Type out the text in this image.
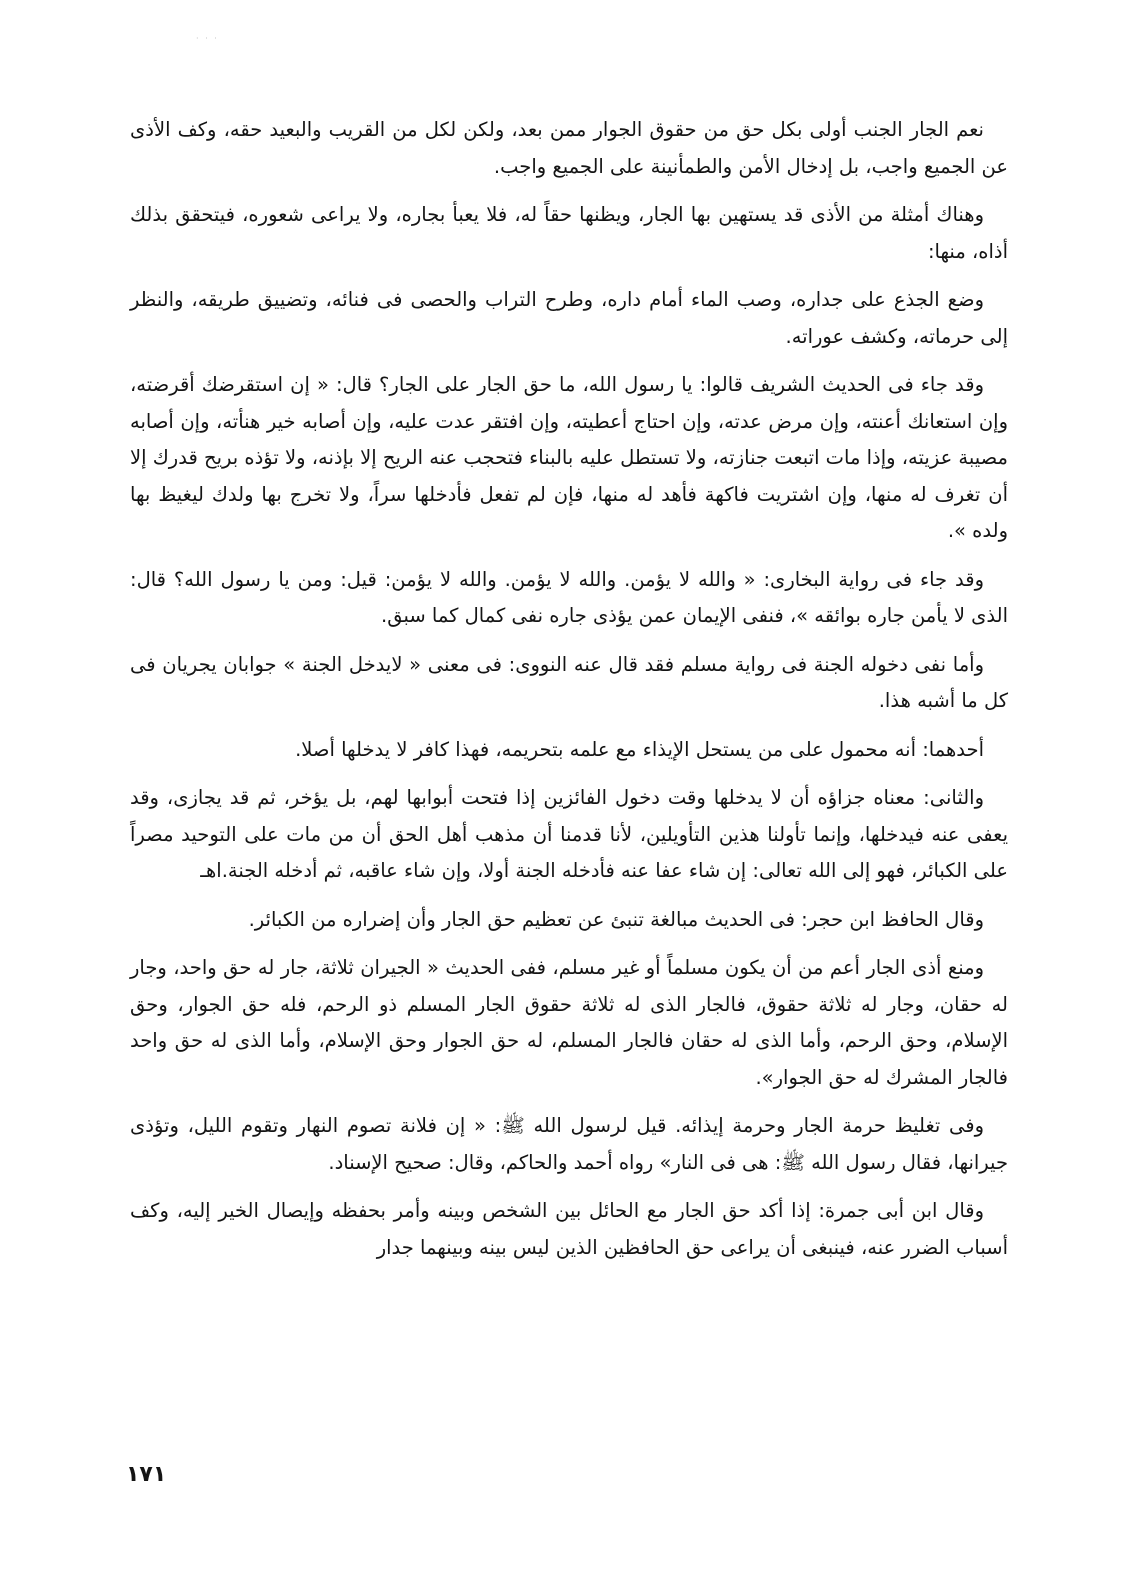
· · ·

نعم الجار الجنب أولى بكل حق من حقوق الجوار ممن بعد، ولكن لكل من القريب والبعيد حقه، وكف الأذى عن الجميع واجب، بل إدخال الأمن والطمأنينة على الجميع واجب.

وهناك أمثلة من الأذى قد يستهين بها الجار، ويظنها حقاً له، فلا يعبأ بجاره، ولا يراعى شعوره، فيتحقق بذلك أذاه، منها:

وضع الجذع على جداره، وصب الماء أمام داره، وطرح التراب والحصى فى فنائه، وتضييق طريقه، والنظر إلى حرماته، وكشف عوراته.

وقد جاء فى الحديث الشريف قالوا: يا رسول الله، ما حق الجار على الجار؟ قال: « إن استقرضك أقرضته، وإن استعانك أعنته، وإن مرض عدته، وإن احتاج أعطيته، وإن افتقر عدت عليه، وإن أصابه خير هنأته، وإن أصابه مصيبة عزيته، وإذا مات اتبعت جنازته، ولا تستطل عليه بالبناء فتحجب عنه الريح إلا بإذنه، ولا تؤذه بريح قدرك إلا أن تغرف له منها، وإن اشتريت فاكهة فأهد له منها، فإن لم تفعل فأدخلها سراً، ولا تخرج بها ولدك ليغيظ بها ولده ».

وقد جاء فى رواية البخارى: « والله لا يؤمن. والله لا يؤمن. والله لا يؤمن: قيل: ومن يا رسول الله؟ قال: الذى لا يأمن جاره بوائقه »، فنفى الإيمان عمن يؤذى جاره نفى كمال كما سبق.

وأما نفى دخوله الجنة فى رواية مسلم فقد قال عنه النووى: فى معنى « لايدخل الجنة » جوابان يجريان فى كل ما أشبه هذا.

أحدهما: أنه محمول على من يستحل الإيذاء مع علمه بتحريمه، فهذا كافر لا يدخلها أصلا.

والثانى: معناه جزاؤه أن لا يدخلها وقت دخول الفائزين إذا فتحت أبوابها لهم، بل يؤخر، ثم قد يجازى، وقد يعفى عنه فيدخلها، وإنما تأولنا هذين التأويلين، لأنا قدمنا أن مذهب أهل الحق أن من مات على التوحيد مصراً على الكبائر، فهو إلى الله تعالى: إن شاء عفا عنه فأدخله الجنة أولا، وإن شاء عاقبه، ثم أدخله الجنة.اهـ

وقال الحافظ ابن حجر: فى الحديث مبالغة تنبئ عن تعظيم حق الجار وأن إضراره من الكبائر.

ومنع أذى الجار أعم من أن يكون مسلماً أو غير مسلم، ففى الحديث « الجيران ثلاثة، جار له حق واحد، وجار له حقان، وجار له ثلاثة حقوق، فالجار الذى له ثلاثة حقوق الجار المسلم ذو الرحم، فله حق الجوار، وحق الإسلام، وحق الرحم، وأما الذى له حقان فالجار المسلم، له حق الجوار وحق الإسلام، وأما الذى له حق واحد فالجار المشرك له حق الجوار».

وفى تغليظ حرمة الجار وحرمة إيذائه. قيل لرسول الله ﷺ: « إن فلانة تصوم النهار وتقوم الليل، وتؤذى جيرانها، فقال رسول الله ﷺ: هى فى النار» رواه أحمد والحاكم، وقال: صحيح الإسناد.

وقال ابن أبى جمرة: إذا أكد حق الجار مع الحائل بين الشخص وبينه وأمر بحفظه وإيصال الخير إليه، وكف أسباب الضرر عنه، فينبغى أن يراعى حق الحافظين الذين ليس بينه وبينهما جدار

١٧١
